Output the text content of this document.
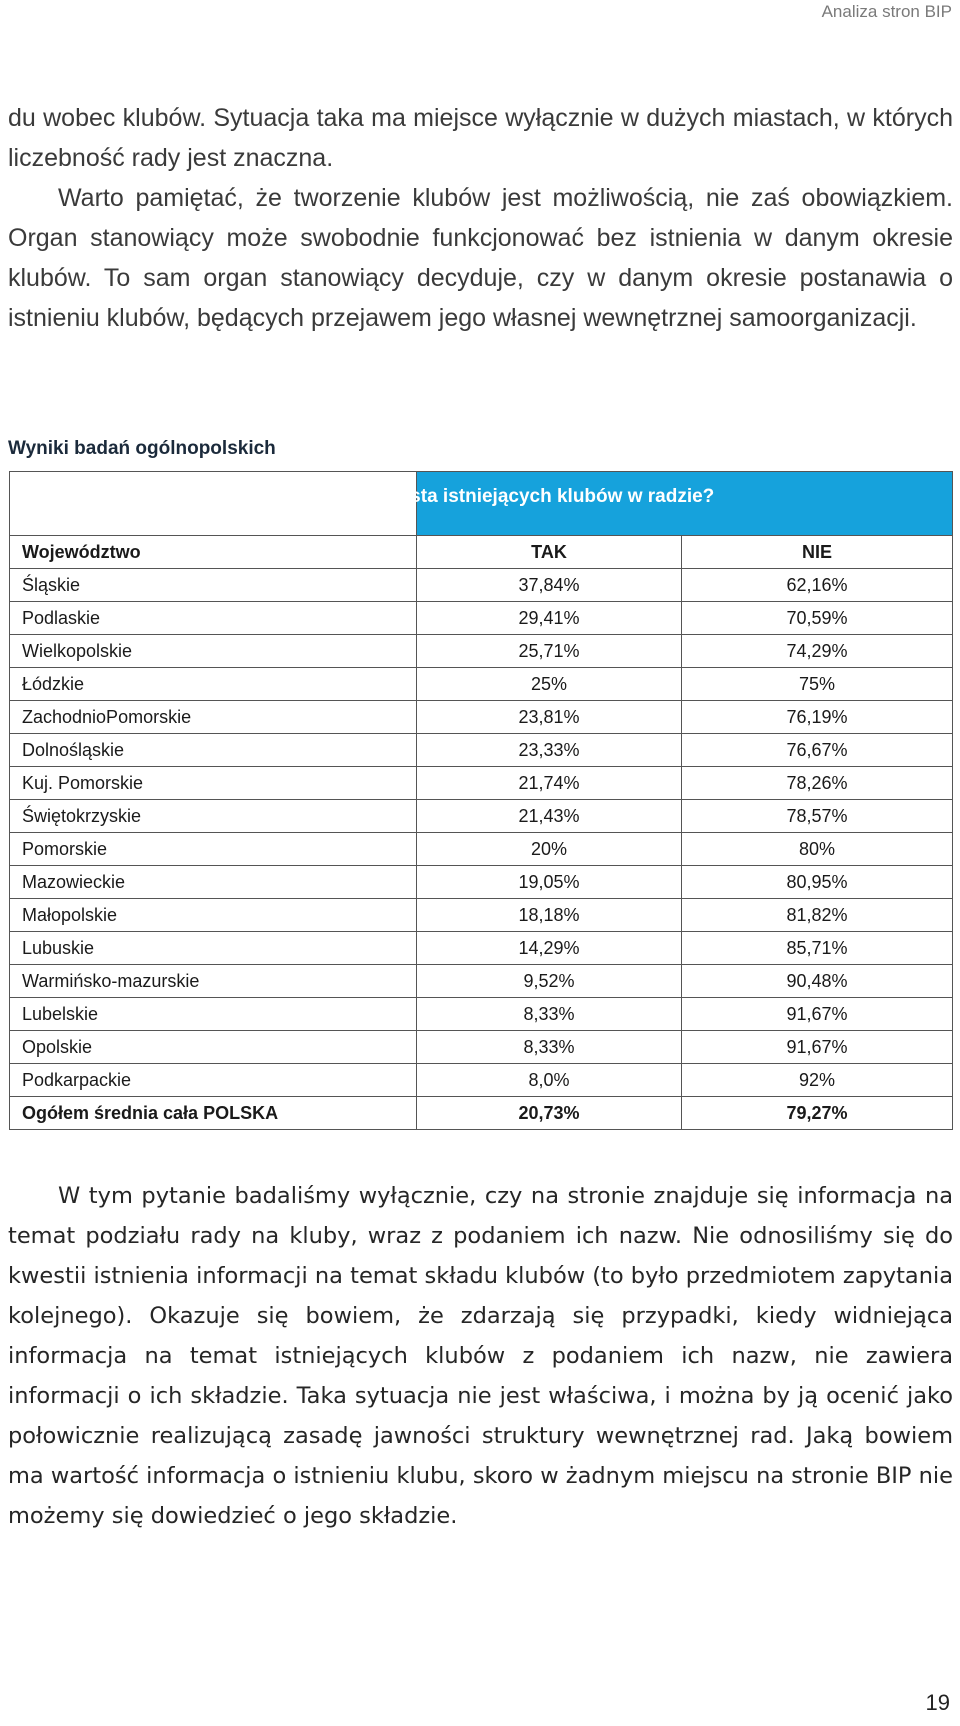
Analiza stron BIP

du wobec klubów. Sytuacja taka ma miejsce wyłącznie w dużych miastach, w których liczebność rady jest znaczna.

Warto pamiętać, że tworzenie klubów jest możliwością, nie zaś obowiązkiem. Organ stanowiący może swobodnie funkcjonować bez istnienia w danym okresie klubów. To sam organ stanowiący decyduje, czy w danym okresie postanawia o istnieniu klubów, będących przejawem jego własnej wewnętrznej samoorganizacji.

Wyniki badań ogólnopolskich

	Czy podana jest lista istniejących klubów w radzie?	

Województwo	TAK	NIE
Śląskie	37,84%	62,16%
Podlaskie	29,41%	70,59%
Wielkopolskie	25,71%	74,29%
Łódzkie	25%	75%
ZachodnioPomorskie	23,81%	76,19%
Dolnośląskie	23,33%	76,67%
Kuj. Pomorskie	21,74%	78,26%
Świętokrzyskie	21,43%	78,57%
Pomorskie	20%	80%
Mazowieckie	19,05%	80,95%
Małopolskie	18,18%	81,82%
Lubuskie	14,29%	85,71%
Warmińsko-mazurskie	9,52%	90,48%
Lubelskie	8,33%	91,67%
Opolskie	8,33%	91,67%
Podkarpackie	8,0%	92%
Ogółem średnia cała POLSKA	20,73%	79,27%

W tym pytanie badaliśmy wyłącznie, czy na stronie znajduje się informacja na temat podziału rady na kluby, wraz z podaniem ich nazw. Nie odnosiliśmy się do kwestii istnienia informacji na temat składu klubów (to było przedmiotem zapytania kolejnego). Okazuje się bowiem, że zdarzają się przypadki, kiedy widniejąca informacja na temat istniejących klubów z podaniem ich nazw, nie zawiera informacji o ich składzie. Taka sytuacja nie jest właściwa, i można by ją ocenić jako połowicznie realizującą zasadę jawności struktury wewnętrznej rad. Jaką bowiem ma wartość informacja o istnieniu klubu, skoro w żadnym miejscu na stronie BIP nie możemy się dowiedzieć o jego składzie.

19
